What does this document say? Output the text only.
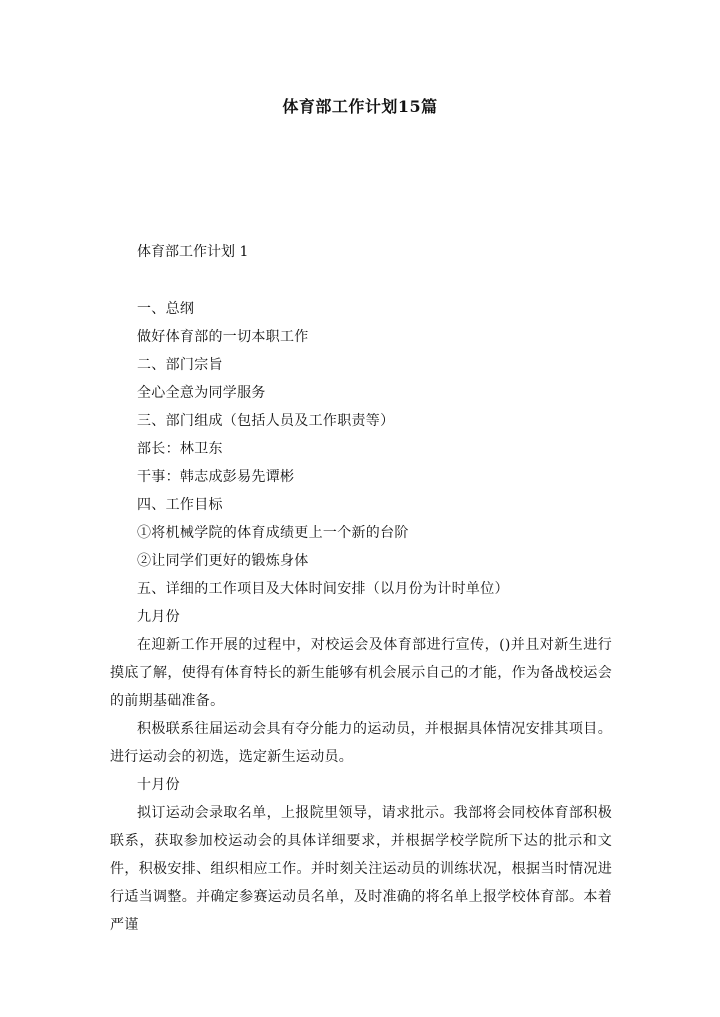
体育部工作计划15篇
体育部工作计划 1

一、总纲

做好体育部的一切本职工作

二、部门宗旨

全心全意为同学服务

三、部门组成（包括人员及工作职责等）

部长：林卫东

干事：韩志成彭易先谭彬

四、工作目标

①将机械学院的体育成绩更上一个新的台阶

②让同学们更好的锻炼身体

五、详细的工作项目及大体时间安排（以月份为计时单位）

九月份

在迎新工作开展的过程中，对校运会及体育部进行宣传，()并且对新生进行摸底了解，使得有体育特长的新生能够有机会展示自己的才能，作为备战校运会的前期基础准备。

积极联系往届运动会具有夺分能力的运动员，并根据具体情况安排其项目。进行运动会的初选，选定新生运动员。

十月份

拟订运动会录取名单，上报院里领导，请求批示。我部将会同校体育部积极联系，获取参加校运动会的具体详细要求，并根据学校学院所下达的批示和文件，积极安排、组织相应工作。并时刻关注运动员的训练状况，根据当时情况进行适当调整。并确定参赛运动员名单，及时准确的将名单上报学校体育部。本着严谨
